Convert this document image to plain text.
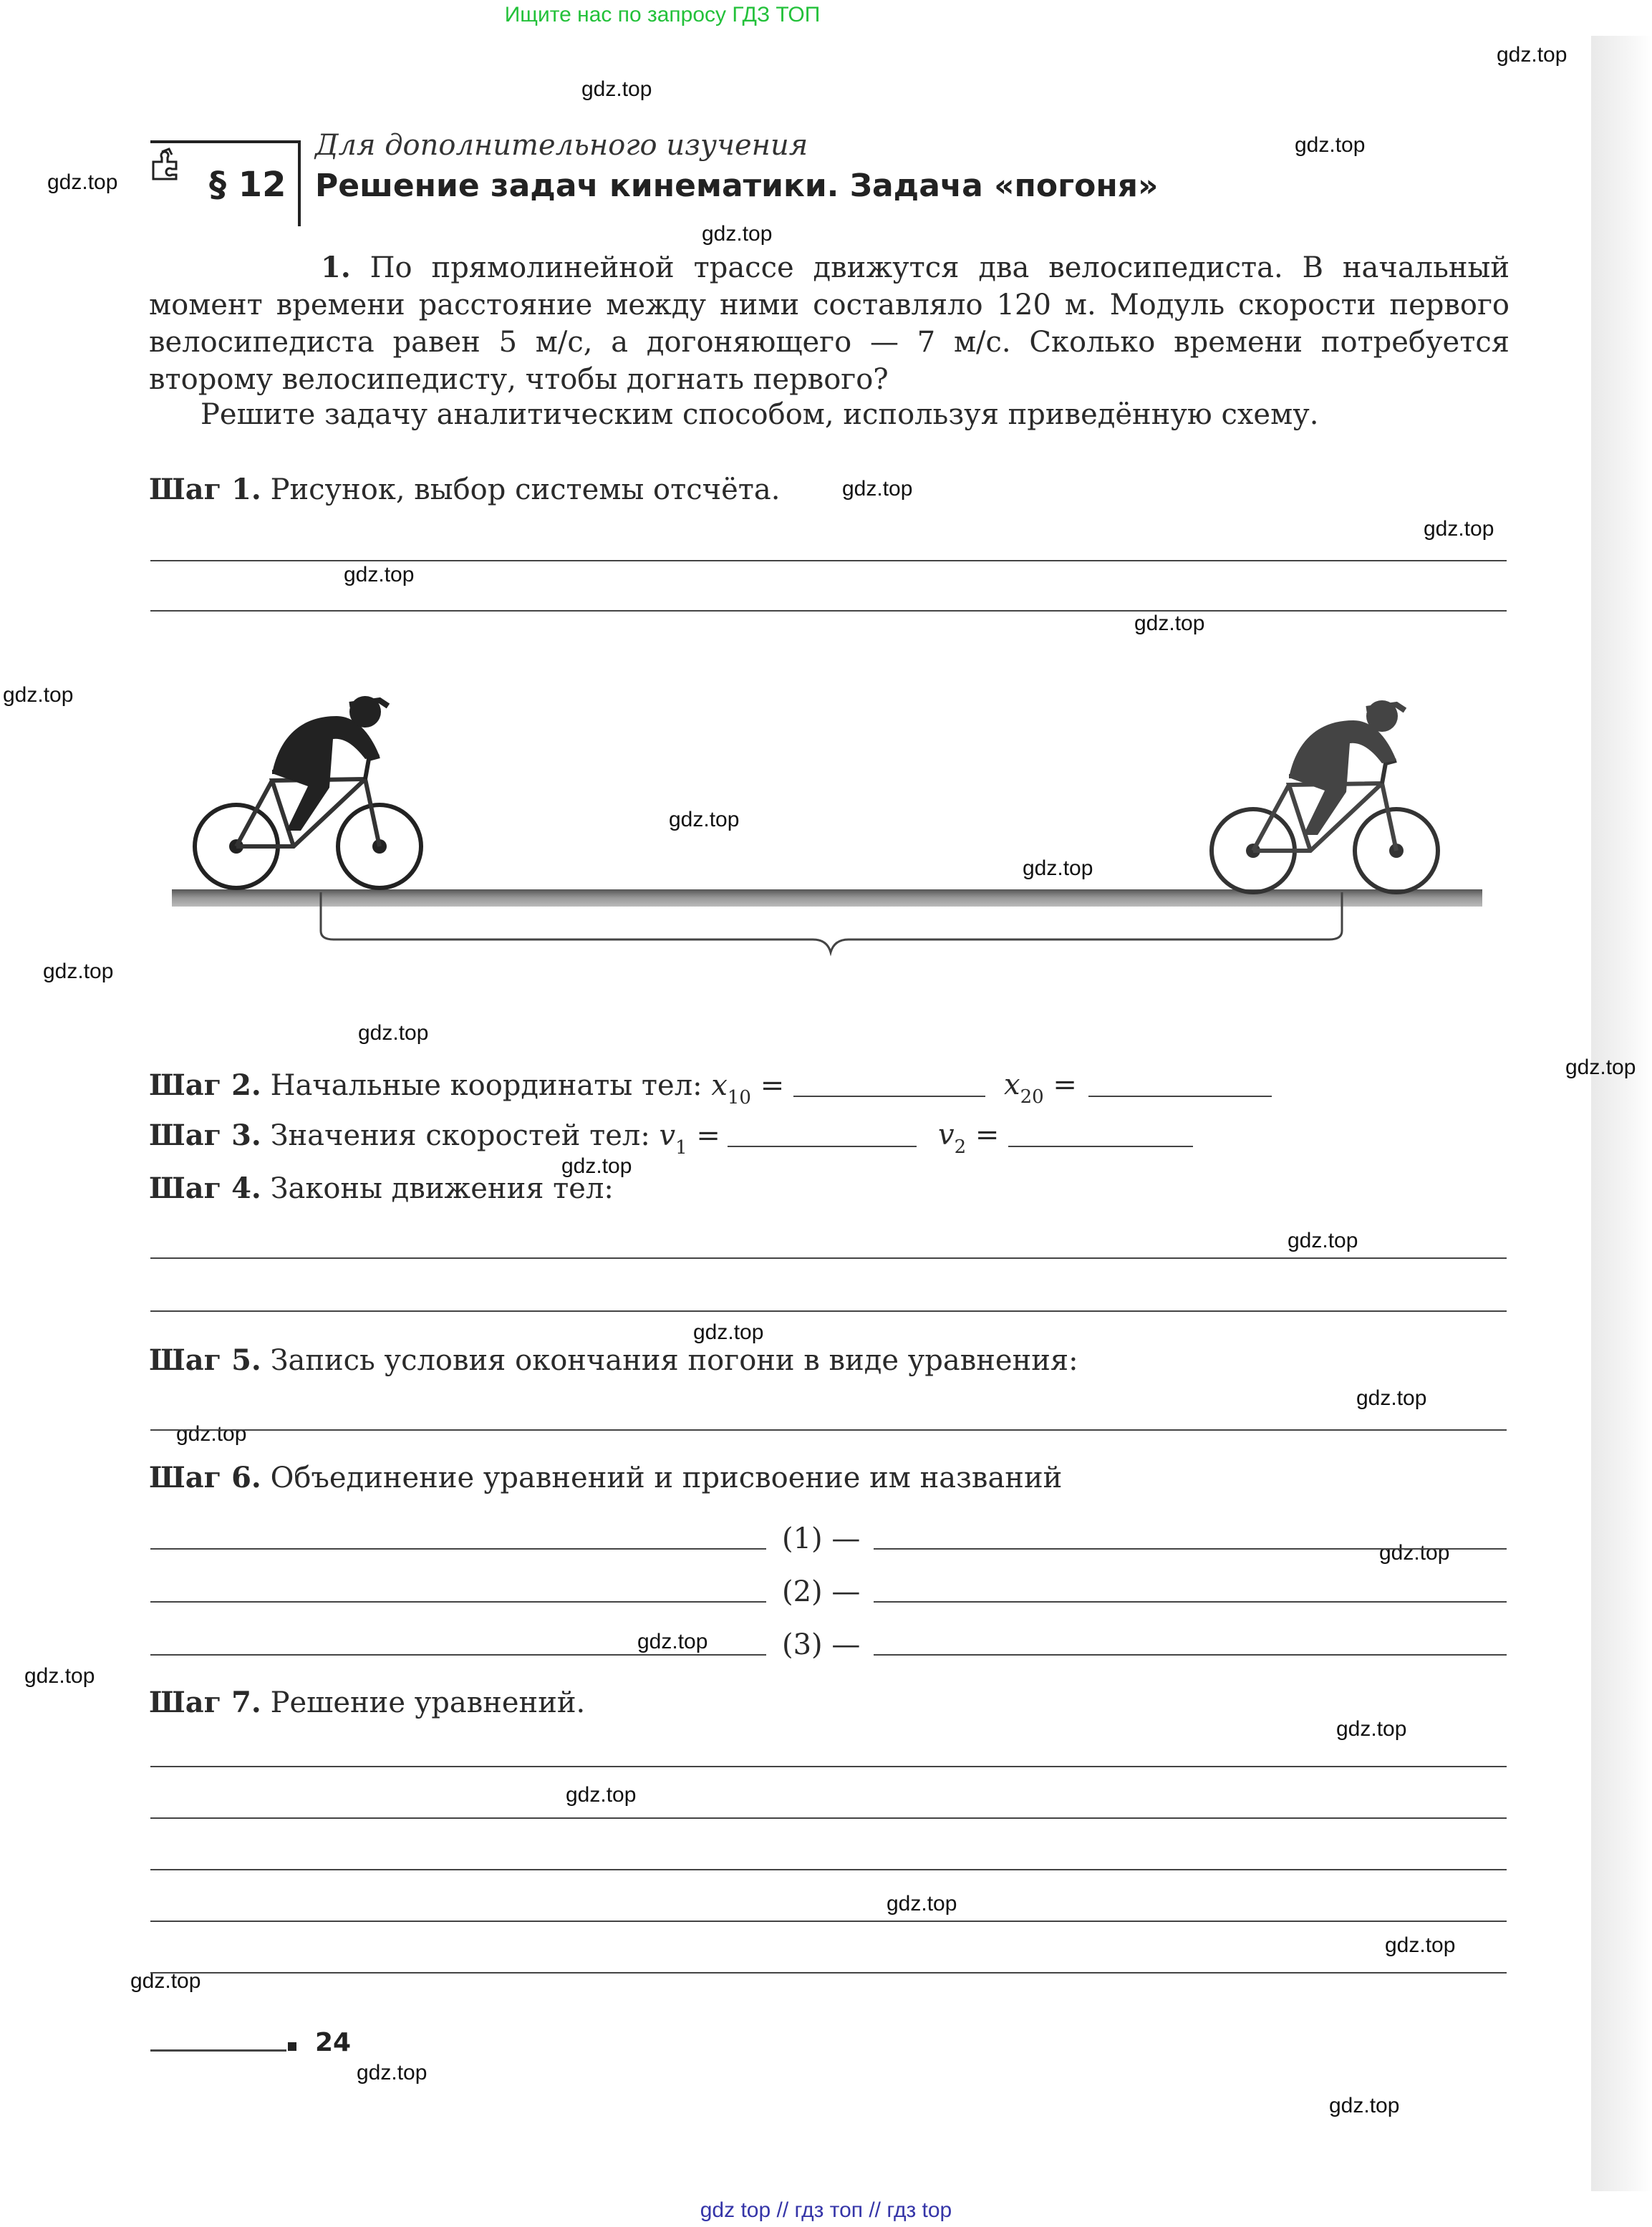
Ищите нас по запросу ГДЗ ТОП
gdz.top
gdz.top
gdz.top
gdz.top
gdz.top
gdz.top
gdz.top
gdz.top
gdz.top
gdz.top
gdz.top
gdz.top
gdz.top
gdz.top
gdz.top
gdz.top
gdz.top
gdz.top
gdz.top
gdz.top
gdz.top
gdz.top
gdz.top
gdz.top
gdz.top
gdz.top
gdz.top
gdz.top
gdz.top
gdz.top
§ 12
Для дополнительного изучения
Решение задач кинематики. Задача «погоня»
1. По прямолинейной трассе движутся два велосипедиста. В начальный момент времени расстояние между ними составляло 120 м. Модуль скорости первого велосипедиста равен 5 м/с, а догоняющего — 7 м/с. Сколько времени потребуется второму велосипедисту, чтобы догнать первого?
Решите задачу аналитическим способом, используя приведённую схему.
Шаг 1. Рисунок, выбор системы отсчёта.
Шаг 2. Начальные координаты тел: $x_{10}$ =	$x_{20}$ =
Шаг 3. Значения скоростей тел: $v_1$ =	$v_2$ =
Шаг 4. Законы движения тел:
Шаг 5. Запись условия окончания погони в виде уравнения:
Шаг 6. Объединение уравнений и присвоение им названий
(1) —
(2) —
(3) —
Шаг 7. Решение уравнений.
24
gdz top // гдз топ // гдз top
